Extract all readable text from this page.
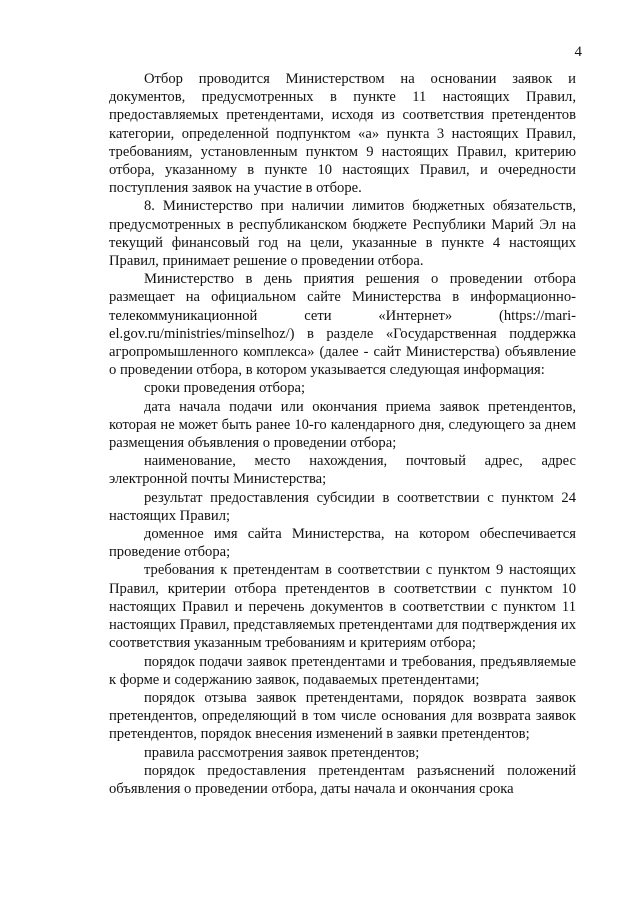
4

Отбор проводится Министерством на основании заявок и документов, предусмотренных в пункте 11 настоящих Правил, предоставляемых претендентами, исходя из соответствия претендентов категории, определенной подпунктом «а» пункта 3 настоящих Правил, требованиям, установленным пунктом 9 настоящих Правил, критерию отбора, указанному в пункте 10 настоящих Правил, и очередности поступления заявок на участие в отборе.

8. Министерство при наличии лимитов бюджетных обязательств, предусмотренных в республиканском бюджете Республики Марий Эл на текущий финансовый год на цели, указанные в пункте 4 настоящих Правил, принимает решение о проведении отбора.

Министерство в день приятия решения о проведении отбора размещает на официальном сайте Министерства в информационно-телекоммуникационной сети «Интернет» (https://mari-el.gov.ru/ministries/minselhoz/) в разделе «Государственная поддержка агропромышленного комплекса» (далее - сайт Министерства) объявление о проведении отбора, в котором указывается следующая информация:

сроки проведения отбора;

дата начала подачи или окончания приема заявок претендентов, которая не может быть ранее 10-го календарного дня, следующего за днем размещения объявления о проведении отбора;

наименование, место нахождения, почтовый адрес, адрес электронной почты Министерства;

результат предоставления субсидии в соответствии с пунктом 24 настоящих Правил;

доменное имя сайта Министерства, на котором обеспечивается проведение отбора;

требования к претендентам в соответствии с пунктом 9 настоящих Правил, критерии отбора претендентов в соответствии с пунктом 10 настоящих Правил и перечень документов в соответствии с пунктом 11 настоящих Правил, представляемых претендентами для подтверждения их соответствия указанным требованиям и критериям отбора;

порядок подачи заявок претендентами и требования, предъявляемые к форме и содержанию заявок, подаваемых претендентами;

порядок отзыва заявок претендентами, порядок возврата заявок претендентов, определяющий в том числе основания для возврата заявок претендентов, порядок внесения изменений в заявки претендентов;

правила рассмотрения заявок претендентов;

порядок предоставления претендентам разъяснений положений объявления о проведении отбора, даты начала и окончания срока
